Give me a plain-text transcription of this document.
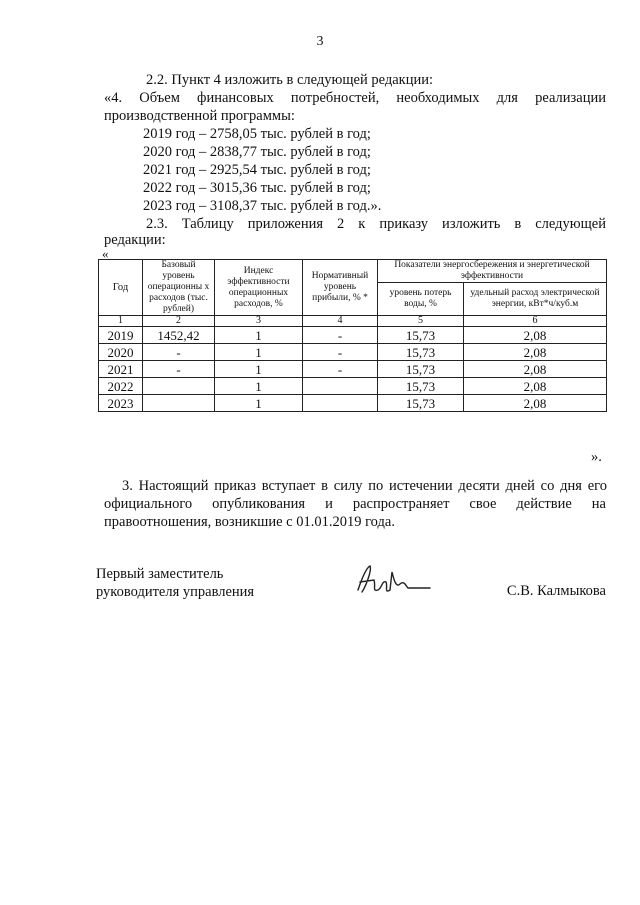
3
2.2. Пункт 4 изложить в следующей редакции:
«4. Объем финансовых потребностей, необходимых для реализации
производственной программы:
2019 год – 2758,05 тыс. рублей в год;
2020 год – 2838,77 тыс. рублей в год;
2021 год – 2925,54 тыс. рублей в год;
2022 год – 3015,36 тыс. рублей в год;
2023 год – 3108,37 тыс. рублей в год.».
2.3. Таблицу приложения 2 к приказу изложить в следующей
редакции:
«
Год	Базовый уровень операционны х расходов (тыс. рублей)	Индекс эффективности операционных расходов, %	Нормативный уровень прибыли, % *	Показатели энергосбережения и энергетической эффективности	
				уровень потерь воды, %	удельный расход электрической энергии, кВт*ч/куб.м
1	2	3	4	5	6
2019	1452,42	1	-	15,73	2,08
2020	-	1	-	15,73	2,08
2021	-	1	-	15,73	2,08
2022		1		15,73	2,08
2023		1		15,73	2,08
».
3. Настоящий приказ вступает в силу по истечении десяти дней со дня его
официального опубликования и распространяет свое действие на
правоотношения, возникшие с 01.01.2019 года.
Первый заместитель
руководителя управления	С.В. Калмыкова
